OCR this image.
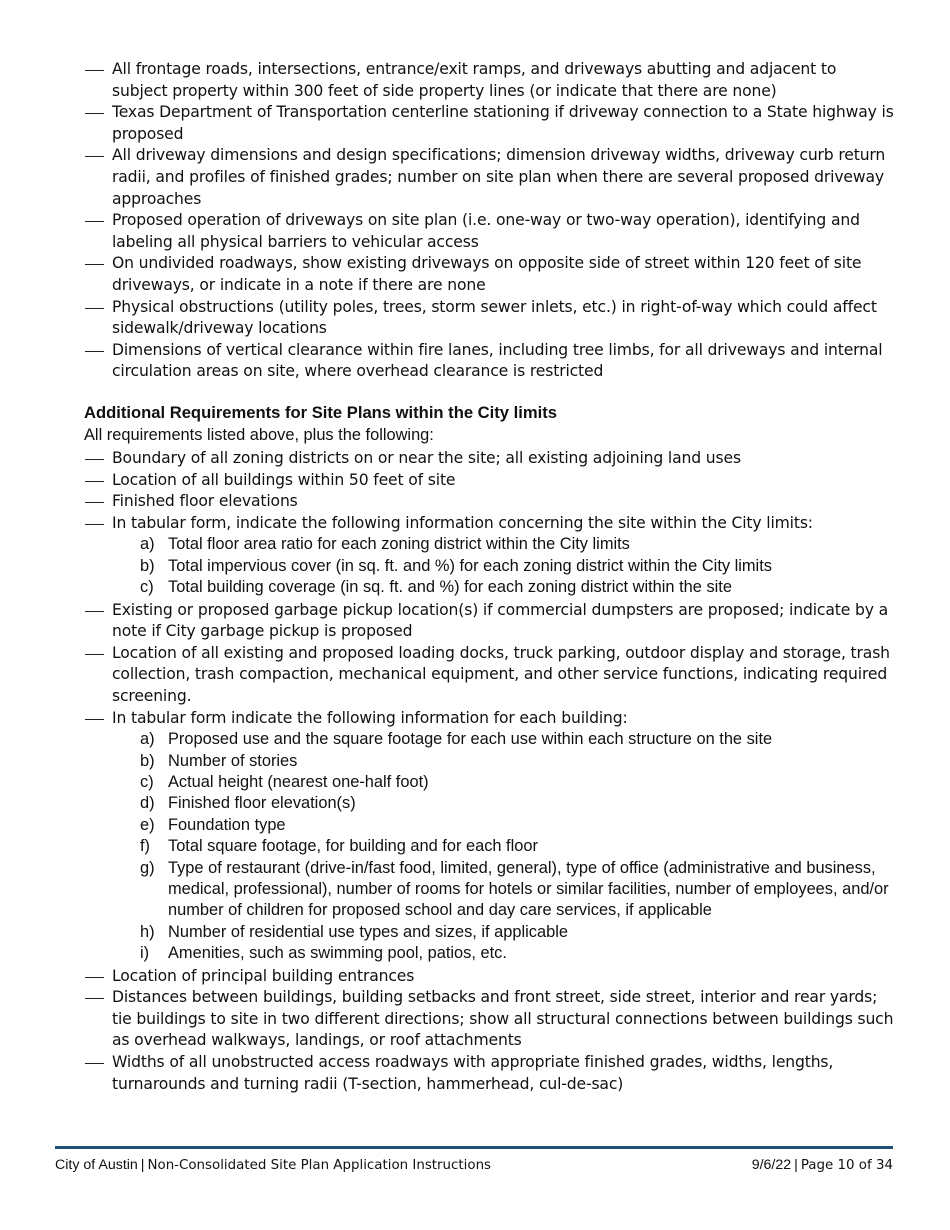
All frontage roads, intersections, entrance/exit ramps, and driveways abutting and adjacent to subject property within 300 feet of side property lines (or indicate that there are none)
Texas Department of Transportation centerline stationing if driveway connection to a State highway is proposed
All driveway dimensions and design specifications; dimension driveway widths, driveway curb return radii, and profiles of finished grades; number on site plan when there are several proposed driveway approaches
Proposed operation of driveways on site plan (i.e. one-way or two-way operation), identifying and labeling all physical barriers to vehicular access
On undivided roadways, show existing driveways on opposite side of street within 120 feet of site driveways, or indicate in a note if there are none
Physical obstructions (utility poles, trees, storm sewer inlets, etc.) in right-of-way which could affect sidewalk/driveway locations
Dimensions of vertical clearance within fire lanes, including tree limbs, for all driveways and internal circulation areas on site, where overhead clearance is restricted
Additional Requirements for Site Plans within the City limits
All requirements listed above, plus the following:
Boundary of all zoning districts on or near the site; all existing adjoining land uses
Location of all buildings within 50 feet of site
Finished floor elevations
In tabular form, indicate the following information concerning the site within the City limits:
a) Total floor area ratio for each zoning district within the City limits
b) Total impervious cover (in sq. ft. and %) for each zoning district within the City limits
c) Total building coverage (in sq. ft. and %) for each zoning district within the site
Existing or proposed garbage pickup location(s) if commercial dumpsters are proposed; indicate by a note if City garbage pickup is proposed
Location of all existing and proposed loading docks, truck parking, outdoor display and storage, trash collection, trash compaction, mechanical equipment, and other service functions, indicating required screening.
In tabular form indicate the following information for each building:
a) Proposed use and the square footage for each use within each structure on the site
b) Number of stories
c) Actual height (nearest one-half foot)
d) Finished floor elevation(s)
e) Foundation type
f) Total square footage, for building and for each floor
g) Type of restaurant (drive-in/fast food, limited, general), type of office (administrative and business, medical, professional), number of rooms for hotels or similar facilities, number of employees, and/or number of children for proposed school and day care services, if applicable
h) Number of residential use types and sizes, if applicable
i) Amenities, such as swimming pool, patios, etc.
Location of principal building entrances
Distances between buildings, building setbacks and front street, side street, interior and rear yards; tie buildings to site in two different directions; show all structural connections between buildings such as overhead walkways, landings, or roof attachments
Widths of all unobstructed access roadways with appropriate finished grades, widths, lengths, turnarounds and turning radii (T-section, hammerhead, cul-de-sac)
City of Austin | Non-Consolidated Site Plan Application Instructions	9/6/22 | Page 10 of 34
